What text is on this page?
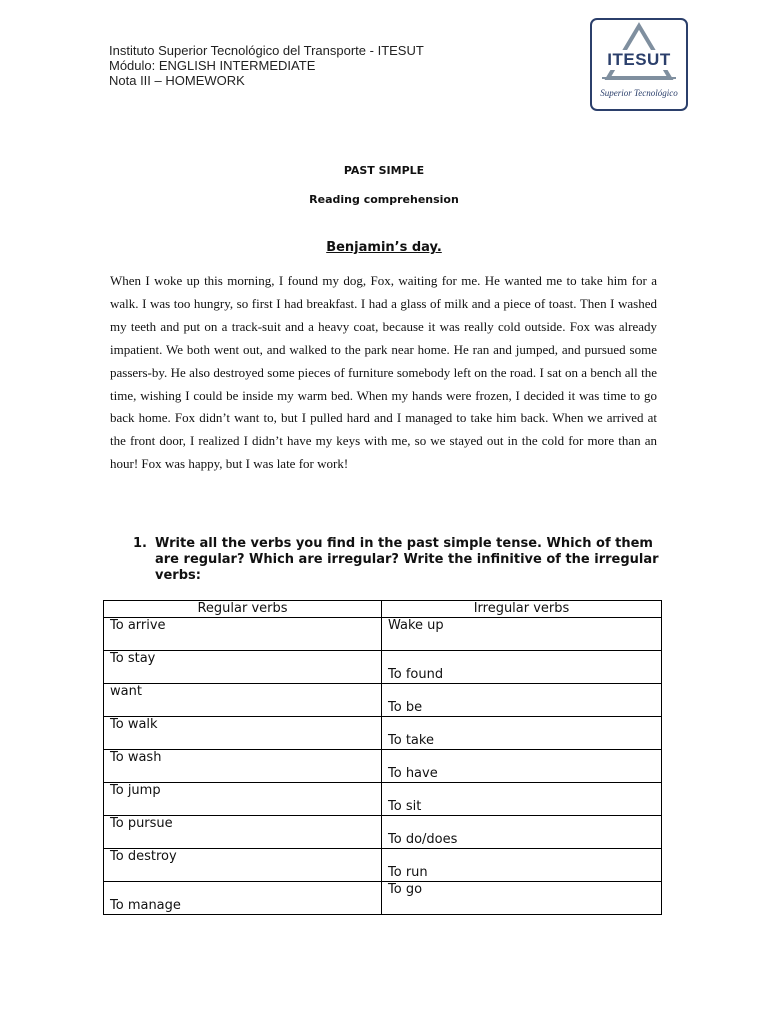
Instituto Superior Tecnológico del Transporte - ITESUT
Módulo: ENGLISH INTERMEDIATE
Nota III – HOMEWORK
ITESUT
Superior Tecnológico
PAST SIMPLE
Reading comprehension
Benjamin’s day.

When I woke up this morning, I found my dog, Fox, waiting for me. He wanted me to take him for a walk. I was too hungry, so first I had breakfast. I had a glass of milk and a piece of toast. Then I washed my teeth and put on a track-suit and a heavy coat, because it was really cold outside. Fox was already impatient. We both went out, and walked to the park near home. He ran and jumped, and pursued some passers-by. He also destroyed some pieces of furniture somebody left on the road. I sat on a bench all the time, wishing I could be inside my warm bed. When my hands were frozen, I decided it was time to go back home. Fox didn’t want to, but I pulled hard and I managed to take him back. When we arrived at the front door, I realized I didn’t have my keys with me, so we stayed out in the cold for more than an hour! Fox was happy, but I was late for work!

1. Write all the verbs you find in the past simple tense. Which of them are regular? Which are irregular? Write the infinitive of the irregular verbs:
Regular verbs	Irregular verbs

To arrive	Wake up

To stay	To found

want	To be

To walk	To take

To wash	To have

To jump	To sit

To pursue	To do/does

To destroy	To run

To manage	To go
